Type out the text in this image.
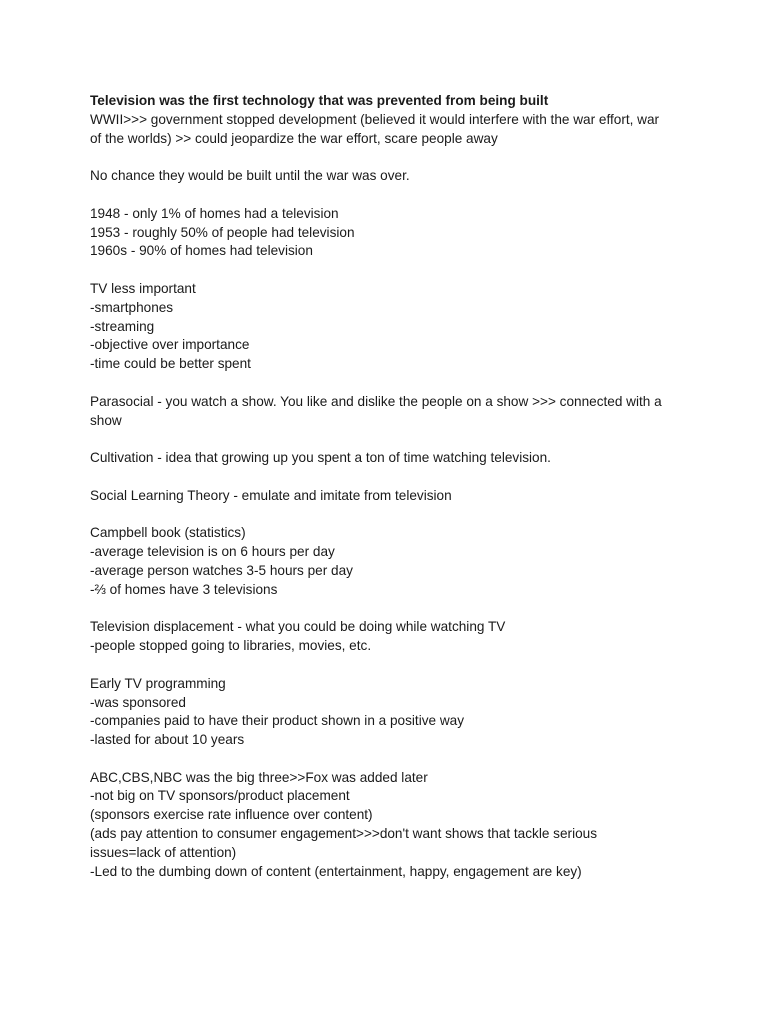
Television was the first technology that was prevented from being built
WWII>>> government stopped development (believed it would interfere with the war effort, war
of the worlds) >> could jeopardize the war effort, scare people away
No chance they would be built until the war was over.
1948 - only 1% of homes had a television
1953 - roughly 50% of people had television
1960s - 90% of homes had television
TV less important
-smartphones
-streaming
-objective over importance
-time could be better spent
Parasocial - you watch a show. You like and dislike the people on a show >>> connected with a
show
Cultivation - idea that growing up you spent a ton of time watching television.
Social Learning Theory - emulate and imitate from television
Campbell book (statistics)
-average television is on 6 hours per day
-average person watches 3-5 hours per day
-⅔ of homes have 3 televisions
Television displacement - what you could be doing while watching TV
-people stopped going to libraries, movies, etc.
Early TV programming
-was sponsored
-companies paid to have their product shown in a positive way
-lasted for about 10 years
ABC,CBS,NBC was the big three>>Fox was added later
-not big on TV sponsors/product placement
(sponsors exercise rate influence over content)
(ads pay attention to consumer engagement>>>don't want shows that tackle serious
issues=lack of attention)
-Led to the dumbing down of content (entertainment, happy, engagement are key)
